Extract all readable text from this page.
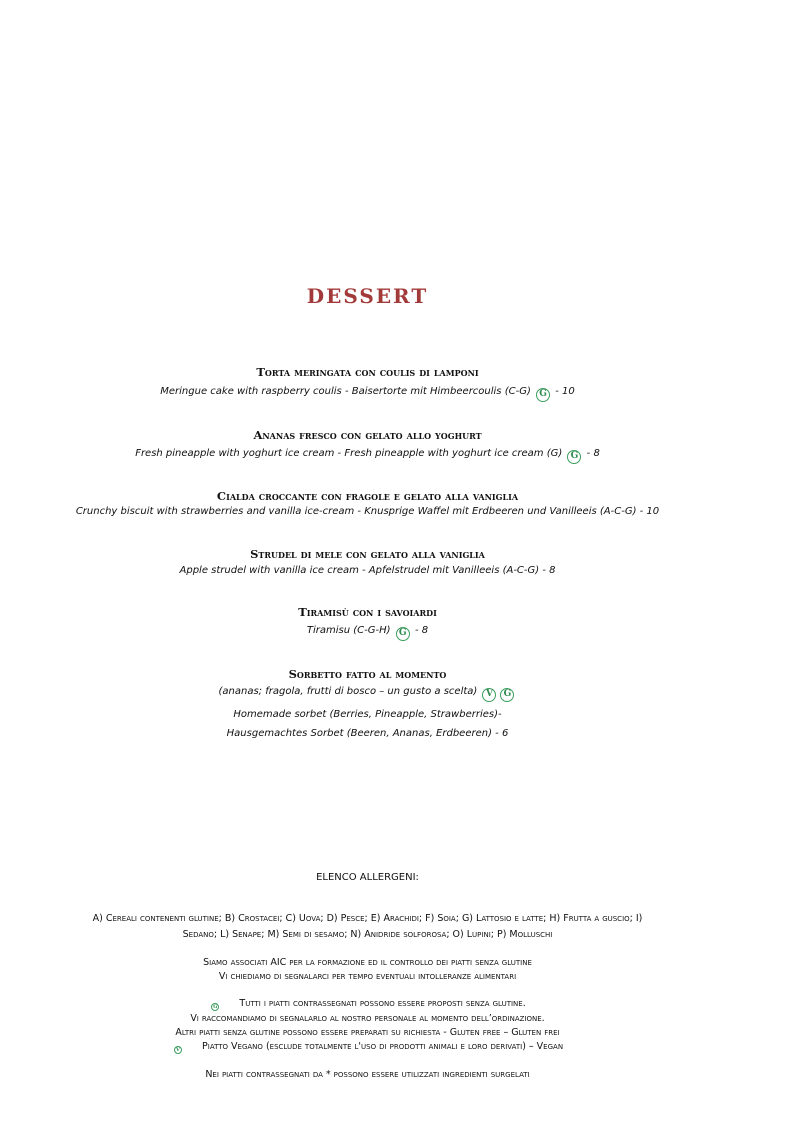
DESSERT
Torta meringata con coulis di lamponi
Meringue cake with raspberry coulis - Baisertorte mit Himbeercoulis (C-G) G - 10
Ananas fresco con gelato allo yoghurt
Fresh pineapple with yoghurt ice cream - Fresh pineapple with yoghurt ice cream (G) G - 8
Cialda croccante con fragole e gelato alla vaniglia
Crunchy biscuit with strawberries and vanilla ice-cream - Knusprige Waffel mit Erdbeeren und Vanilleeis (A-C-G) - 10
Strudel di mele con gelato alla vaniglia
Apple strudel with vanilla ice cream - Apfelstrudel mit Vanilleeis (A-C-G) - 8
Tiramisù con i savoiardi
Tiramisu (C-G-H) G - 8
Sorbetto fatto al momento
(ananas; fragola, frutti di bosco – un gusto a scelta) V G
Homemade sorbet (Berries, Pineapple, Strawberries)-
Hausgemachtes Sorbet (Beeren, Ananas, Erdbeeren) - 6
ELENCO ALLERGENI:
A) Cereali contenenti glutine; B) Crostacei; C) Uova; D) Pesce; E) Arachidi; F) Soia; G) Lattosio e latte; H) Frutta a guscio; I)
Sedano; L) Senape; M) Semi di sesamo; N) Anidride solforosa; O) Lupini; P) Molluschi
Siamo associati AIC per la formazione ed il controllo dei piatti senza glutine
Vi chiediamo di segnalarci per tempo eventuali intolleranze alimentari
G Tutti i piatti contrassegnati possono essere proposti senza glutine.
Vi raccomandiamo di segnalarlo al nostro personale al momento dell’ordinazione.
Altri piatti senza glutine possono essere preparati su richiesta - Gluten free – Gluten frei
V Piatto Vegano (esclude totalmente l'uso di prodotti animali e loro derivati) – Vegan
Nei piatti contrassegnati da * possono essere utilizzati ingredienti surgelati
